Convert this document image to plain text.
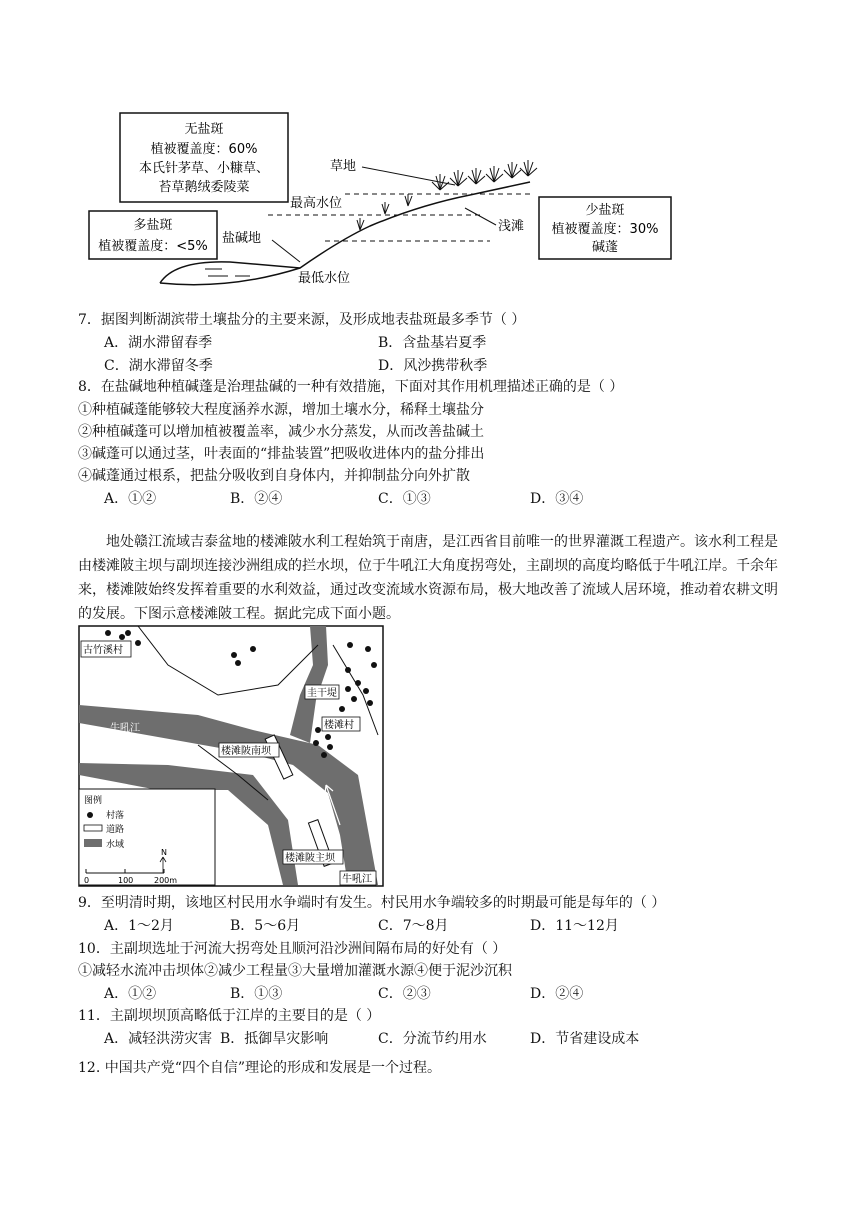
无盐斑
植被覆盖度：60%
本氏针茅草、小糠草、
苔草鹅绒委陵菜
多盐斑
植被覆盖度：<5%
少盐斑
植被覆盖度：30%
碱蓬
草地
最高水位
盐碱地
最低水位
浅滩
7．据图判断湖滨带土壤盐分的主要来源，及形成地表盐斑最多季节（ ）
A．湖水滞留春季	B．含盐基岩夏季
C．湖水滞留冬季	D．风沙携带秋季
8．在盐碱地种植碱蓬是治理盐碱的一种有效措施，下面对其作用机理描述正确的是（ ）
①种植碱蓬能够较大程度涵养水源，增加土壤水分，稀释土壤盐分
②种植碱蓬可以增加植被覆盖率，减少水分蒸发，从而改善盐碱土
③碱蓬可以通过茎，叶表面的“排盐装置”把吸收进体内的盐分排出
④碱蓬通过根系，把盐分吸收到自身体内，并抑制盐分向外扩散
A．①②	B．②④	C．①③	D．③④
地处赣江流域吉泰盆地的楼滩陂水利工程始筑于南唐，是江西省目前唯一的世界灌溉工程遗产。该水利工程是由楼滩陂主坝与副坝连接沙洲组成的拦水坝，位于牛吼江大角度拐弯处，主副坝的高度均略低于牛吼江岸。千余年来，楼滩陂始终发挥着重要的水利效益，通过改变流域水资源布局，极大地改善了流域人居环境，推动着农耕文明的发展。下图示意楼滩陂工程。据此完成下面小题。
古竹溪村
牛吼江
圭干堤
楼滩村
楼滩陂南坝
楼滩陂主坝
牛吼江
图例
村落
道路
水域
N
0	100	200m
9．至明清时期，该地区村民用水争端时有发生。村民用水争端较多的时期最可能是每年的（ ）
A．1～2月	B．5～6月	C．7～8月	D．11～12月
10．主副坝选址于河流大拐弯处且顺河沿沙洲间隔布局的好处有（ ）
①减轻水流冲击坝体②减少工程量③大量增加灌溉水源④便于泥沙沉积
A．①②	B．①③	C．②③	D．②④
11．主副坝坝顶高略低于江岸的主要目的是（ ）
A．减轻洪涝灾害 B．抵御旱灾影响	C．分流节约用水	D．节省建设成本
12. 中国共产党“四个自信”理论的形成和发展是一个过程。
